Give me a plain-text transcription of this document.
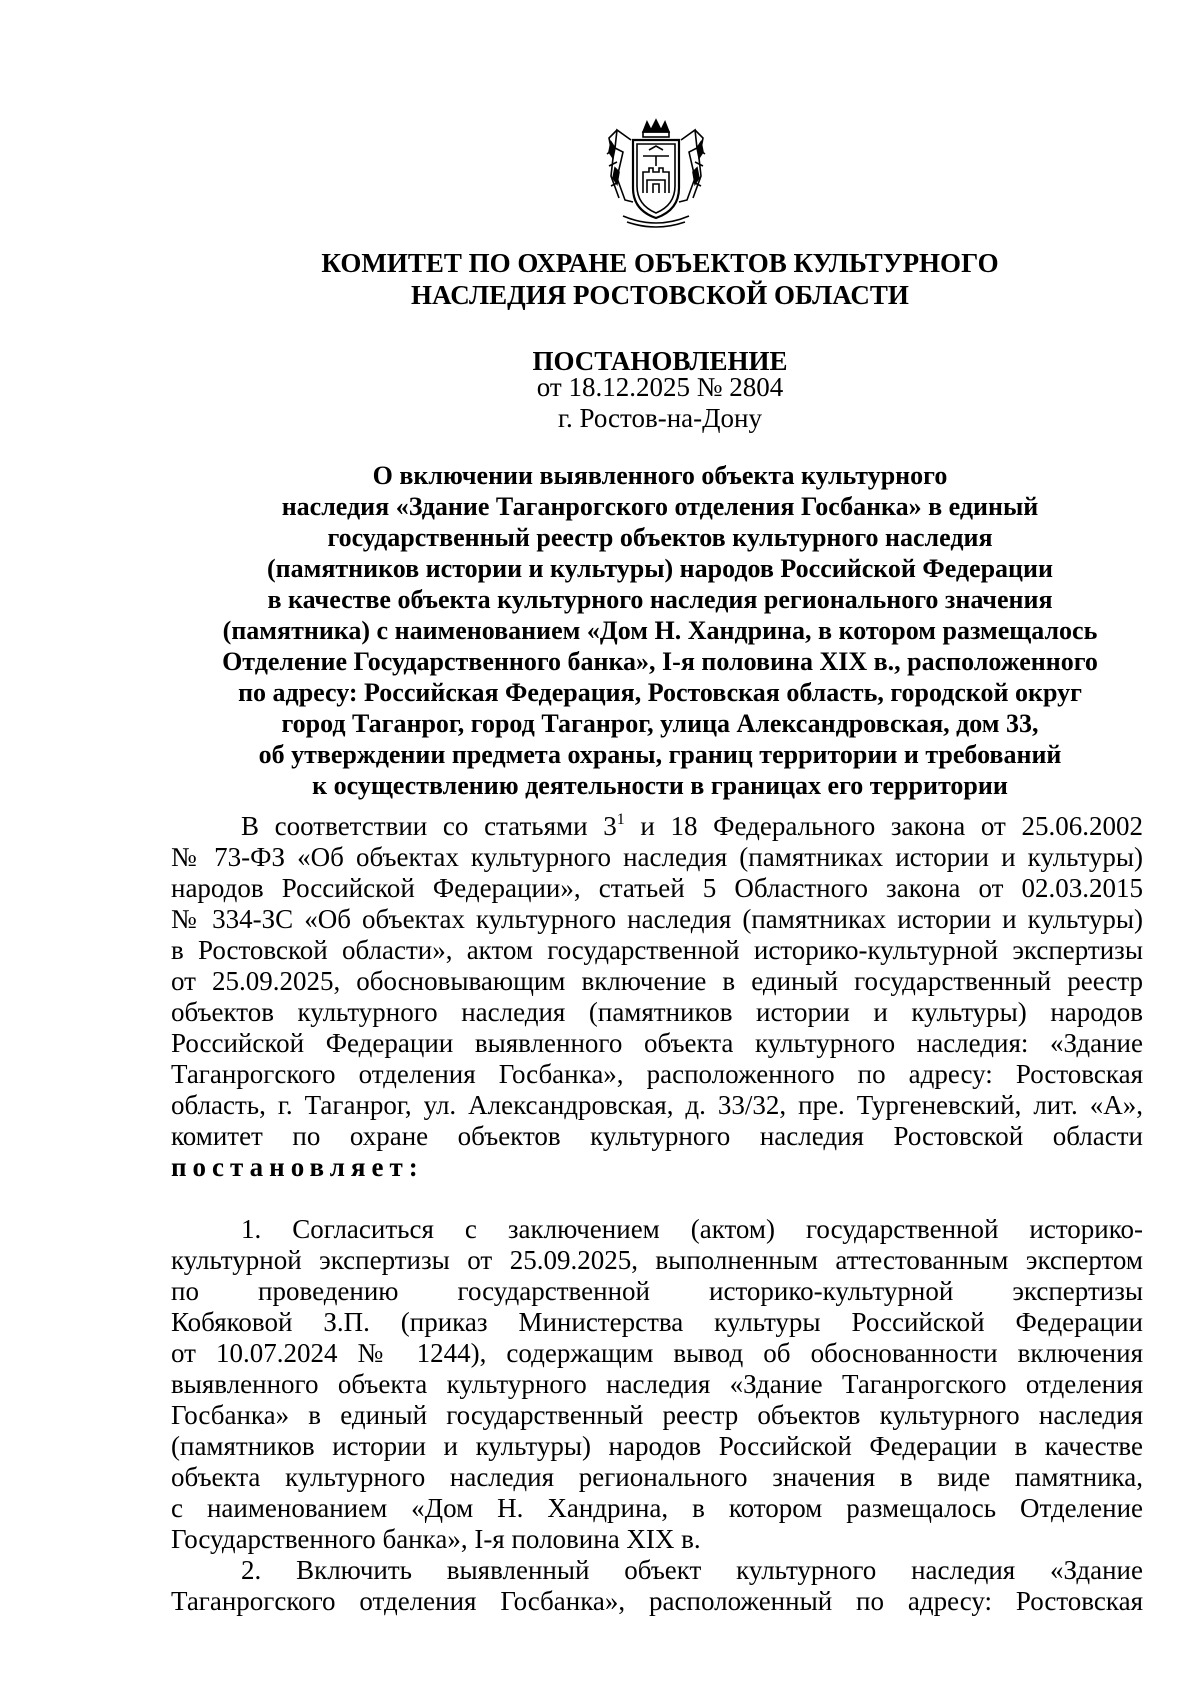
КОМИТЕТ ПО ОХРАНЕ ОБЪЕКТОВ КУЛЬТУРНОГО
НАСЛЕДИЯ РОСТОВСКОЙ ОБЛАСТИ
ПОСТАНОВЛЕНИЕ
от 18.12.2025 № 2804
г. Ростов-на-Дону
О включении выявленного объекта культурного
наследия «Здание Таганрогского отделения Госбанка» в единый
государственный реестр объектов культурного наследия
(памятников истории и культуры) народов Российской Федерации
в качестве объекта культурного наследия регионального значения
(памятника) с наименованием «Дом Н. Хандрина, в котором размещалось
Отделение Государственного банка», I-я половина XIX в., расположенного
по адресу: Российская Федерация, Ростовская область, городской округ
город Таганрог, город Таганрог, улица Александровская, дом 33,
об утверждении предмета охраны, границ территории и требований
к осуществлению деятельности в границах его территории
В соответствии со статьями $3^1$ и 18 Федерального закона от 25.06.2002
№ 73-ФЗ «Об объектах культурного наследия (памятниках истории и культуры)
народов Российской Федерации», статьей 5 Областного закона от 02.03.2015
№ 334-ЗС «Об объектах культурного наследия (памятниках истории и культуры)
в Ростовской области», актом государственной историко-культурной экспертизы
от 25.09.2025, обосновывающим включение в единый государственный реестр
объектов культурного наследия (памятников истории и культуры) народов
Российской Федерации выявленного объекта культурного наследия: «Здание
Таганрогского отделения Госбанка», расположенного по адресу: Ростовская
область, г. Таганрог, ул. Александровская, д. 33/32, пре. Тургеневский, лит. «А»,
комитет по охране объектов культурного наследия Ростовской области
постановляет:
1. Согласиться с заключением (актом) государственной историко-
культурной экспертизы от 25.09.2025, выполненным аттестованным экспертом
по проведению государственной историко-культурной экспертизы
Кобяковой З.П. (приказ Министерства культуры Российской Федерации
от 10.07.2024 № 1244), содержащим вывод об обоснованности включения
выявленного объекта культурного наследия «Здание Таганрогского отделения
Госбанка» в единый государственный реестр объектов культурного наследия
(памятников истории и культуры) народов Российской Федерации в качестве
объекта культурного наследия регионального значения в виде памятника,
с наименованием «Дом Н. Хандрина, в котором размещалось Отделение
Государственного банка», I-я половина XIX в.
2. Включить выявленный объект культурного наследия «Здание
Таганрогского отделения Госбанка», расположенный по адресу: Ростовская
